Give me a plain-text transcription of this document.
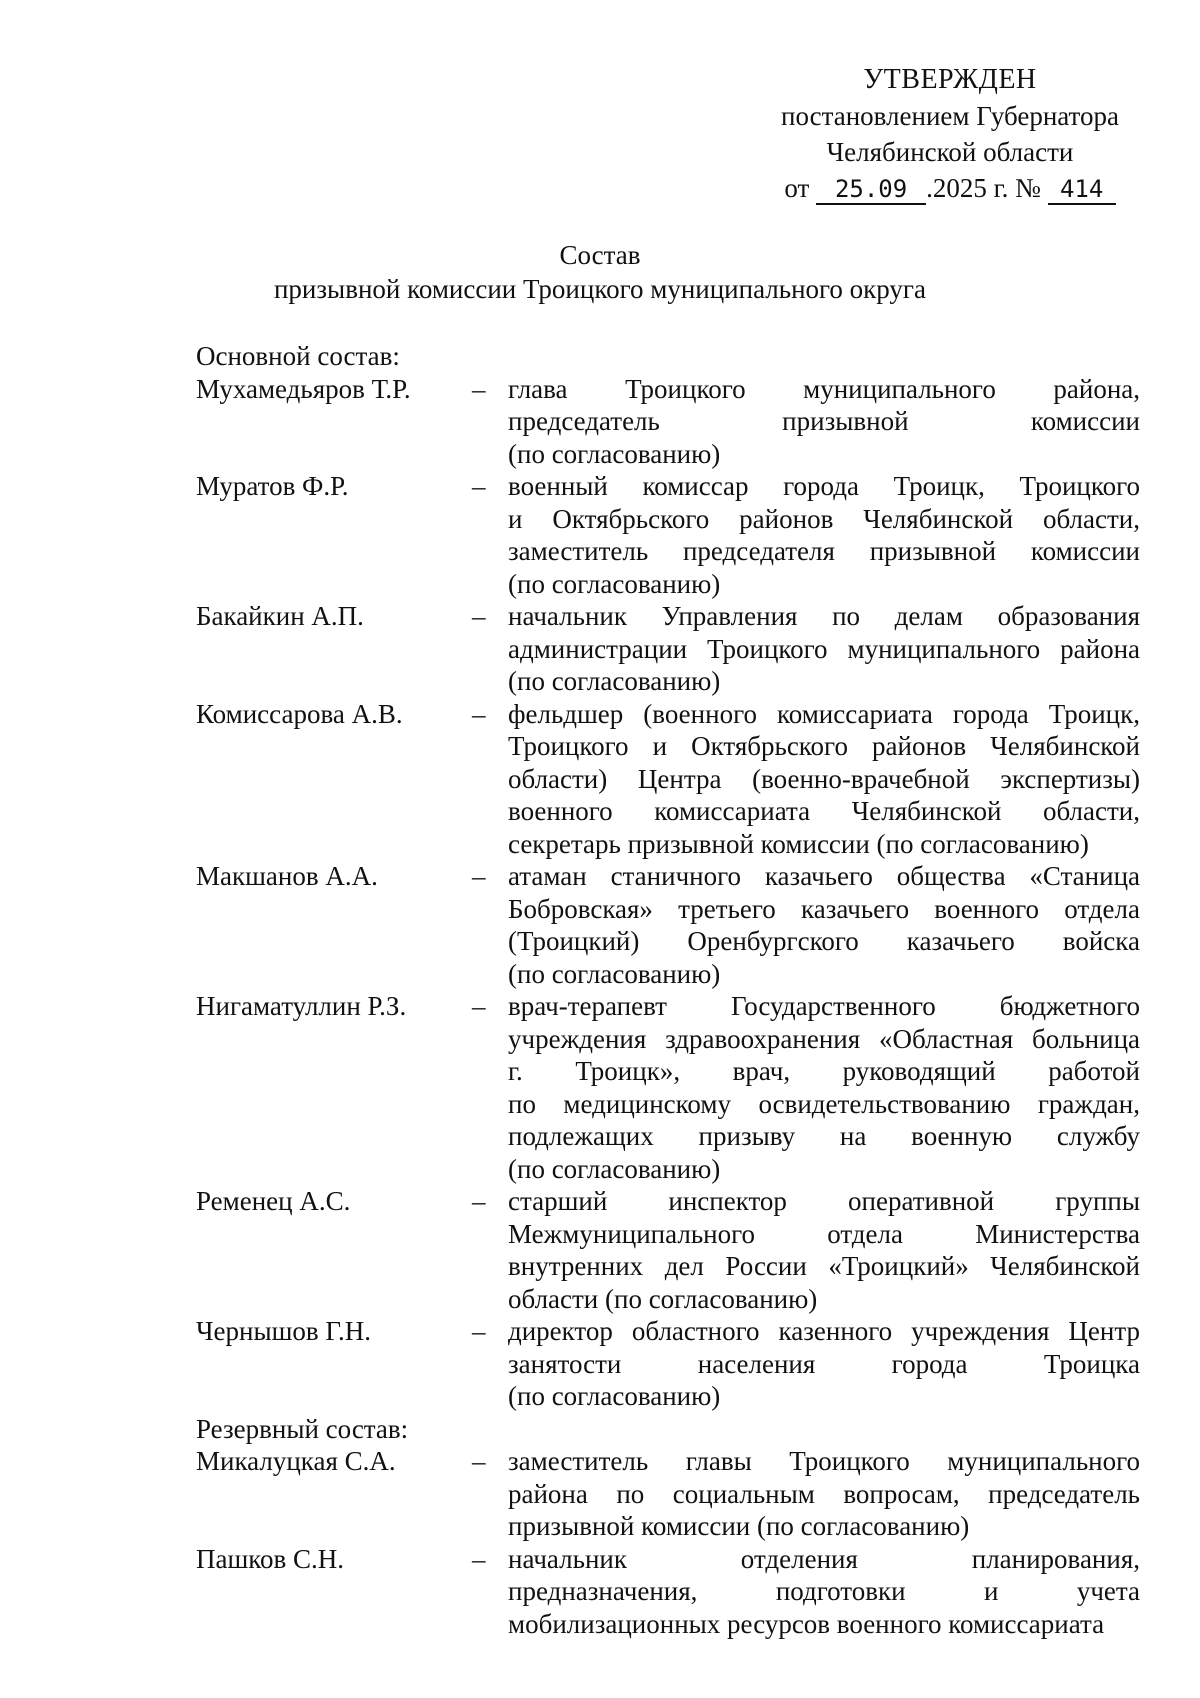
УТВЕРЖДЕН
постановлением Губернатора
Челябинской области
от 25.09 .2025 г. № 414
Состав
призывной комиссии Троицкого муниципального округа
Основной состав:
Мухамедьяров Т.Р.	– глава Троицкого муниципального района,
председатель призывной комиссии
(по согласованию)
Муратов Ф.Р.	– военный комиссар города Троицк, Троицкого
и Октябрьского районов Челябинской области,
заместитель председателя призывной комиссии
(по согласованию)
Бакайкин А.П.	– начальник Управления по делам образования
администрации Троицкого муниципального района
(по согласованию)
Комиссарова А.В.	– фельдшер (военного комиссариата города Троицк,
Троицкого и Октябрьского районов Челябинской
области) Центра (военно-врачебной экспертизы)
военного комиссариата Челябинской области,
секретарь призывной комиссии (по согласованию)
Макшанов А.А.	– атаман станичного казачьего общества «Станица
Бобровская» третьего казачьего военного отдела
(Троицкий) Оренбургского казачьего войска
(по согласованию)
Нигаматуллин Р.З.	– врач-терапевт Государственного бюджетного
учреждения здравоохранения «Областная больница
г. Троицк», врач, руководящий работой
по медицинскому освидетельствованию граждан,
подлежащих призыву на военную службу
(по согласованию)
Ременец А.С.	– старший инспектор оперативной группы
Межмуниципального отдела Министерства
внутренних дел России «Троицкий» Челябинской
области (по согласованию)
Чернышов Г.Н.	– директор областного казенного учреждения Центр
занятости населения города Троицка
(по согласованию)
Резервный состав:
Микалуцкая С.А.	– заместитель главы Троицкого муниципального
района по социальным вопросам, председатель
призывной комиссии (по согласованию)
Пашков С.Н.	– начальник отделения планирования,
предназначения, подготовки и учета
мобилизационных ресурсов военного комиссариата
